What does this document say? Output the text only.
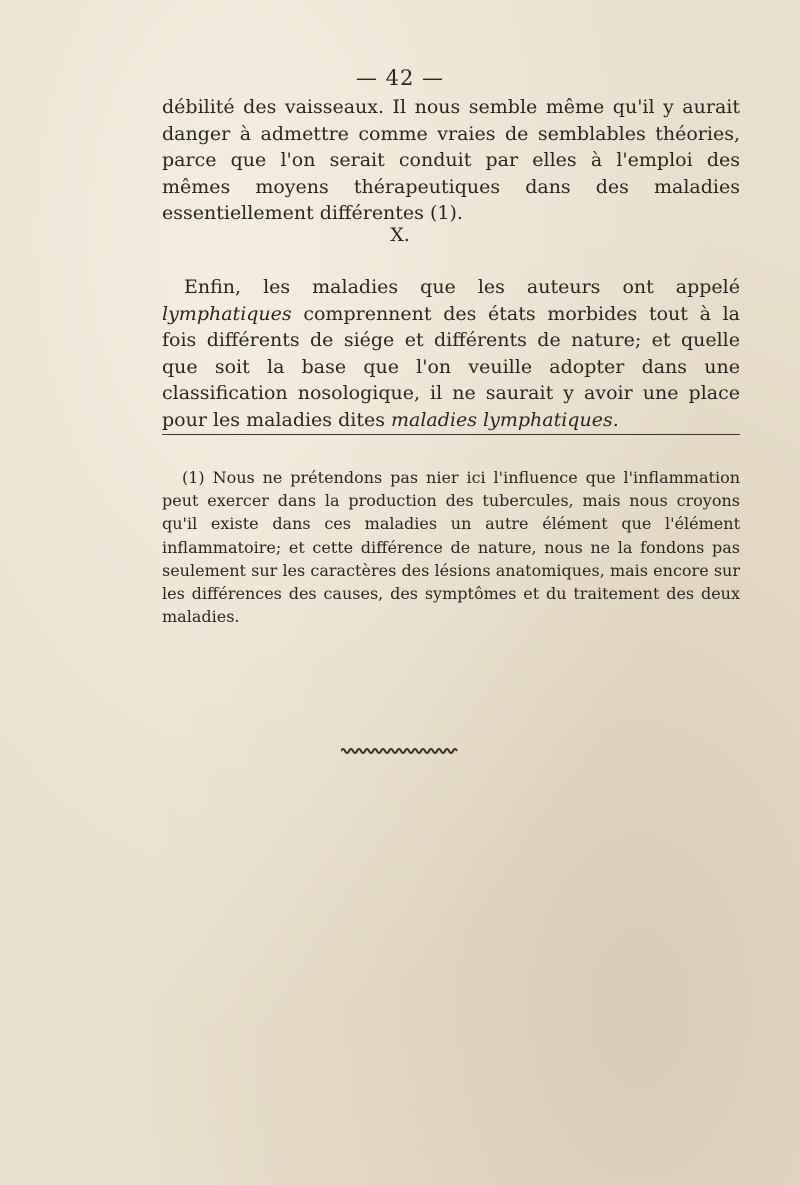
— 42 —

débilité des vaisseaux. Il nous semble même qu'il y aurait danger à admettre comme vraies de semblables théories, parce que l'on serait conduit par elles à l'emploi des mêmes moyens thérapeutiques dans des maladies essentiellement différentes (1).

X.

Enfin, les maladies que les auteurs ont appelé lymphatiques comprennent des états morbides tout à la fois différents de siége et différents de nature; et quelle que soit la base que l'on veuille adopter dans une classification nosologique, il ne saurait y avoir une place pour les maladies dites maladies lymphatiques.

(1) Nous ne prétendons pas nier ici l'influence que l'inflammation peut exercer dans la production des tubercules, mais nous croyons qu'il existe dans ces maladies un autre élément que l'élément inflammatoire; et cette différence de nature, nous ne la fondons pas seulement sur les caractères des lésions anatomiques, mais encore sur les différences des causes, des symptômes et du traitement des deux maladies.
